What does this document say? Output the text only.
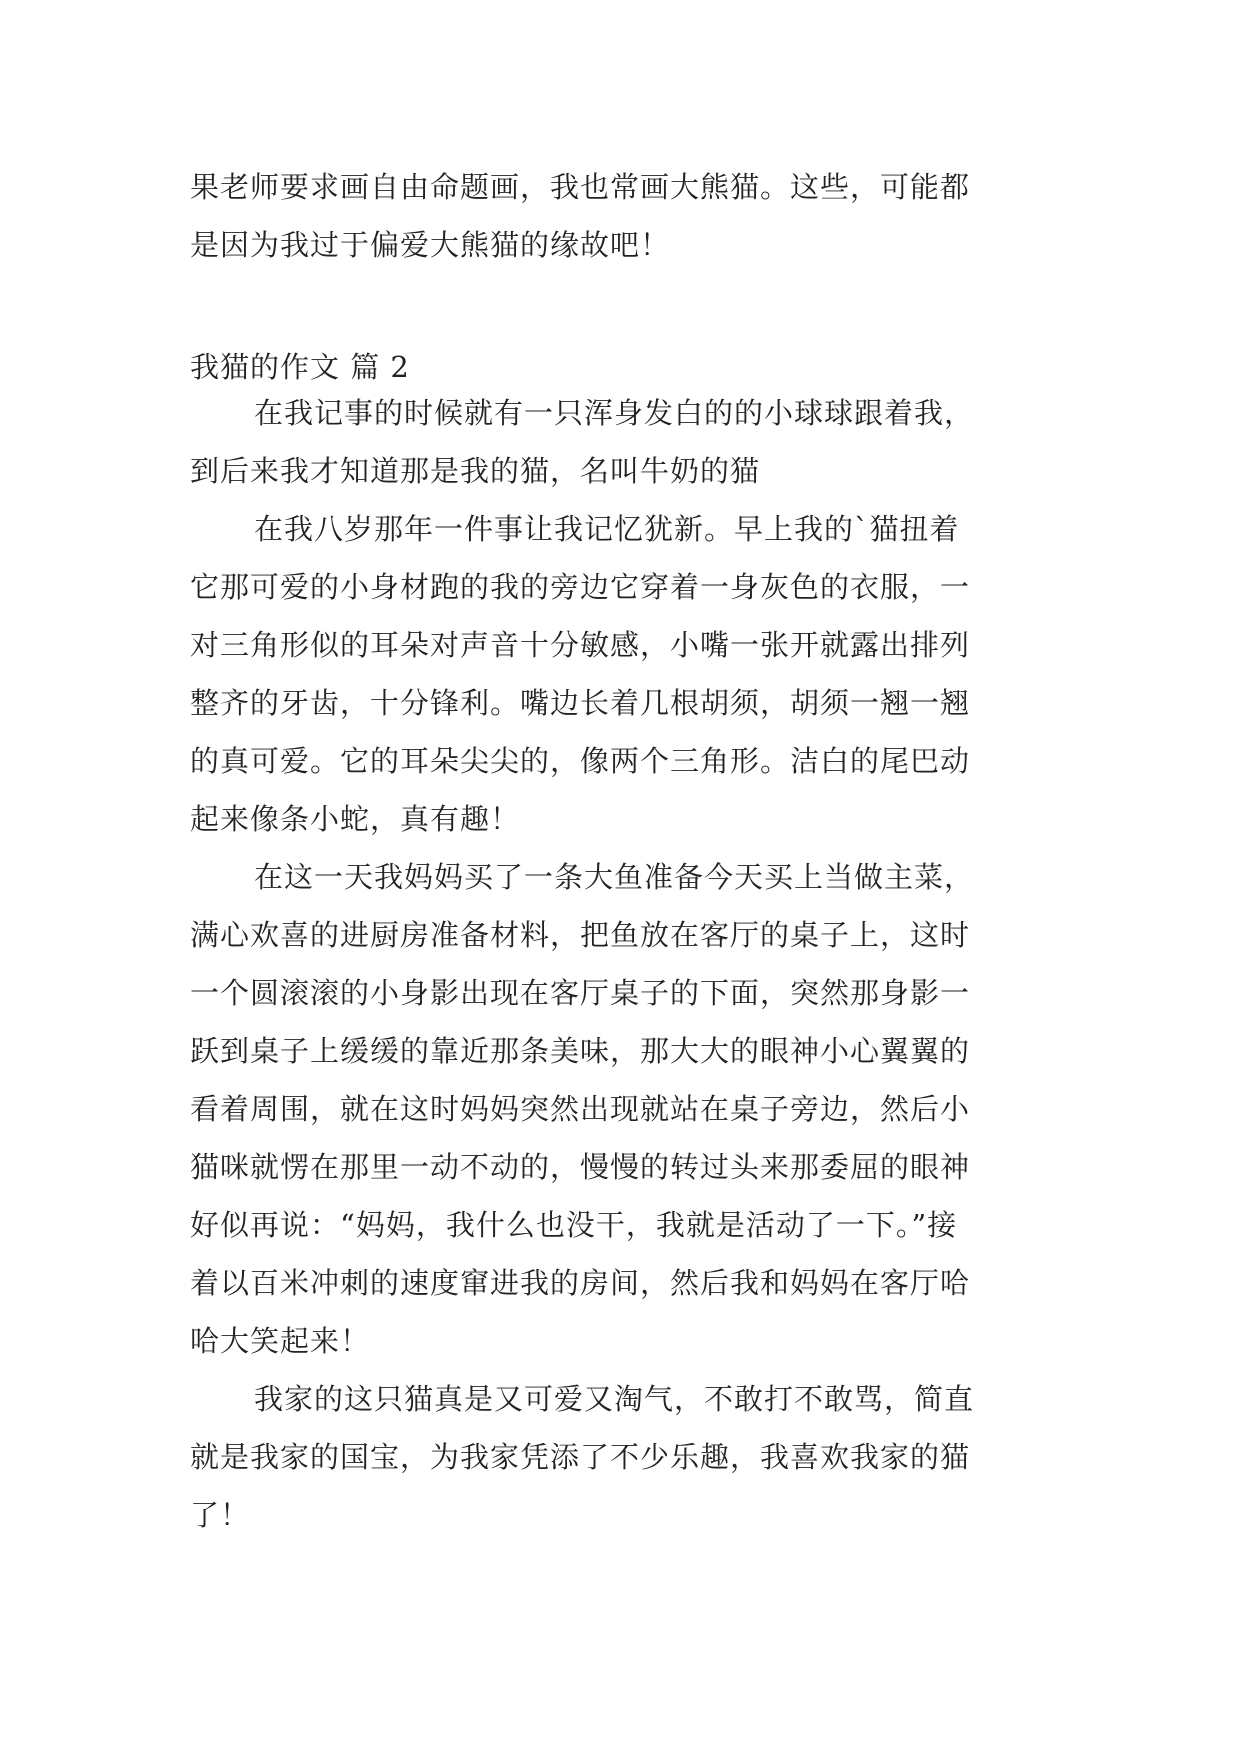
果老师要求画自由命题画，我也常画大熊猫。这些，可能都
是因为我过于偏爱大熊猫的缘故吧！
我猫的作文 篇 2
在我记事的时候就有一只浑身发白的的小球球跟着我，
到后来我才知道那是我的猫，名叫牛奶的猫
在我八岁那年一件事让我记忆犹新。早上我的`猫扭着
它那可爱的小身材跑的我的旁边它穿着一身灰色的衣服，一
对三角形似的耳朵对声音十分敏感，小嘴一张开就露出排列
整齐的牙齿，十分锋利。嘴边长着几根胡须，胡须一翘一翘
的真可爱。它的耳朵尖尖的，像两个三角形。洁白的尾巴动
起来像条小蛇，真有趣！
在这一天我妈妈买了一条大鱼准备今天买上当做主菜，
满心欢喜的进厨房准备材料，把鱼放在客厅的桌子上，这时
一个圆滚滚的小身影出现在客厅桌子的下面，突然那身影一
跃到桌子上缓缓的靠近那条美味，那大大的眼神小心翼翼的
看着周围，就在这时妈妈突然出现就站在桌子旁边，然后小
猫咪就愣在那里一动不动的，慢慢的转过头来那委屈的眼神
好似再说：“妈妈，我什么也没干，我就是活动了一下。”接
着以百米冲刺的速度窜进我的房间，然后我和妈妈在客厅哈
哈大笑起来！
我家的这只猫真是又可爱又淘气，不敢打不敢骂，简直
就是我家的国宝，为我家凭添了不少乐趣，我喜欢我家的猫
了！
